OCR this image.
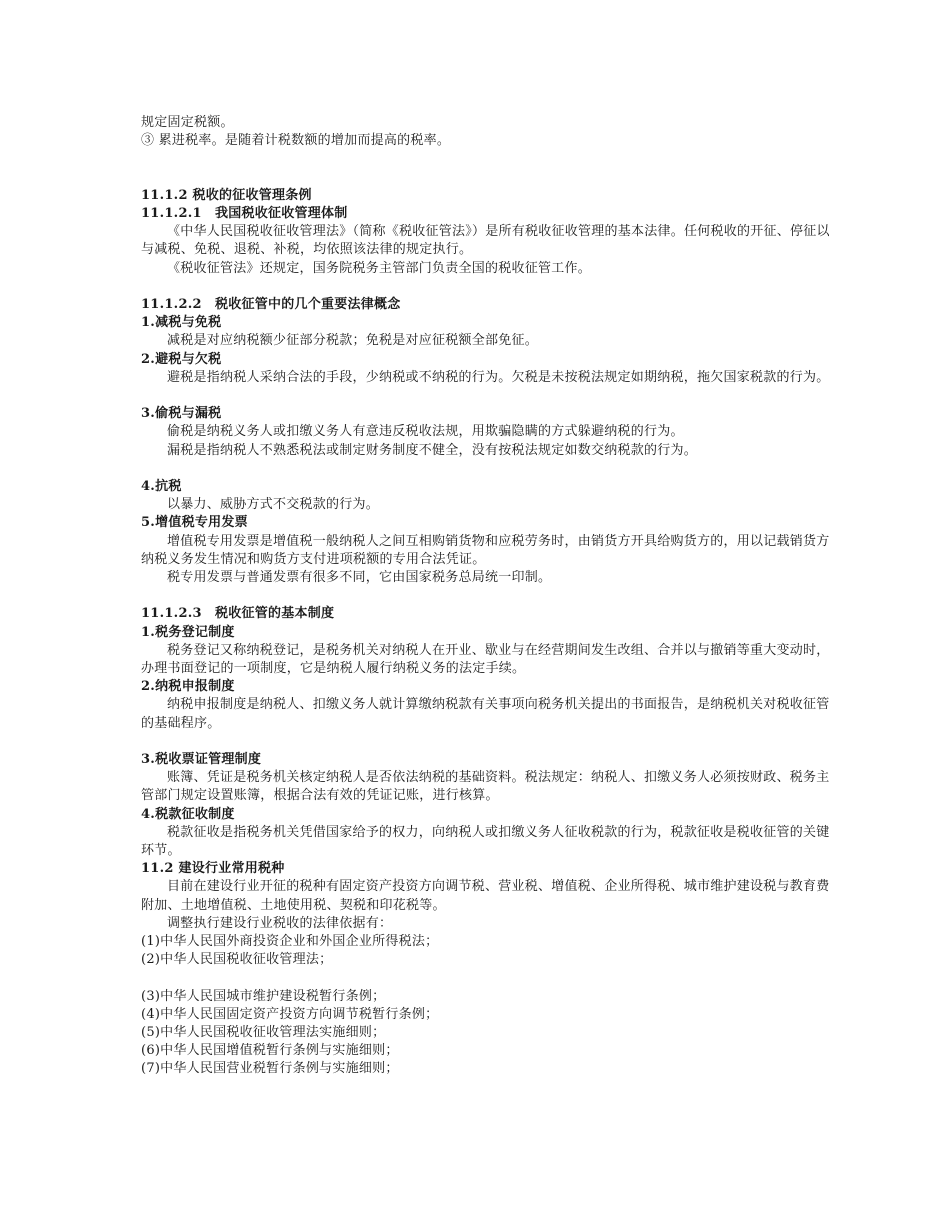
规定固定税额。

③ 累进税率。是随着计税数额的增加而提高的税率。

11.1.2 税收的征收管理条例

11.1.2.1　我国税收征收管理体制

《中华人民国税收征收管理法》（简称《税收征管法》）是所有税收征收管理的基本法律。任何税收的开征、停征以与减税、免税、退税、补税，均依照该法律的规定执行。

《税收征管法》还规定，国务院税务主管部门负责全国的税收征管工作。

11.1.2.2　税收征管中的几个重要法律概念

1.减税与免税

减税是对应纳税额少征部分税款；免税是对应征税额全部免征。

2.避税与欠税

避税是指纳税人采纳合法的手段，少纳税或不纳税的行为。欠税是未按税法规定如期纳税，拖欠国家税款的行为。

3.偷税与漏税

偷税是纳税义务人或扣缴义务人有意违反税收法规，用欺骗隐瞒的方式躲避纳税的行为。

漏税是指纳税人不熟悉税法或制定财务制度不健全，没有按税法规定如数交纳税款的行为。

4.抗税

以暴力、威胁方式不交税款的行为。

5.增值税专用发票

增值税专用发票是增值税一般纳税人之间互相购销货物和应税劳务时，由销货方开具给购货方的，用以记载销货方纳税义务发生情况和购货方支付进项税额的专用合法凭证。

税专用发票与普通发票有很多不同，它由国家税务总局统一印制。

11.1.2.3　税收征管的基本制度

1.税务登记制度

税务登记又称纳税登记，是税务机关对纳税人在开业、歇业与在经营期间发生改组、合并以与撤销等重大变动时，办理书面登记的一项制度，它是纳税人履行纳税义务的法定手续。

2.纳税申报制度

纳税申报制度是纳税人、扣缴义务人就计算缴纳税款有关事项向税务机关提出的书面报告，是纳税机关对税收征管的基础程序。

3.税收票证管理制度

账簿、凭证是税务机关核定纳税人是否依法纳税的基础资料。税法规定：纳税人、扣缴义务人必须按财政、税务主管部门规定设置账簿，根据合法有效的凭证记账，进行核算。

4.税款征收制度

税款征收是指税务机关凭借国家给予的权力，向纳税人或扣缴义务人征收税款的行为，税款征收是税收征管的关键环节。

11.2 建设行业常用税种

目前在建设行业开征的税种有固定资产投资方向调节税、营业税、增值税、企业所得税、城市维护建设税与教育费附加、土地增值税、土地使用税、契税和印花税等。

调整执行建设行业税收的法律依据有：

(1)中华人民国外商投资企业和外国企业所得税法；

(2)中华人民国税收征收管理法；

(3)中华人民国城市维护建设税暂行条例；

(4)中华人民国固定资产投资方向调节税暂行条例；

(5)中华人民国税收征收管理法实施细则；

(6)中华人民国增值税暂行条例与实施细则；

(7)中华人民国营业税暂行条例与实施细则；
